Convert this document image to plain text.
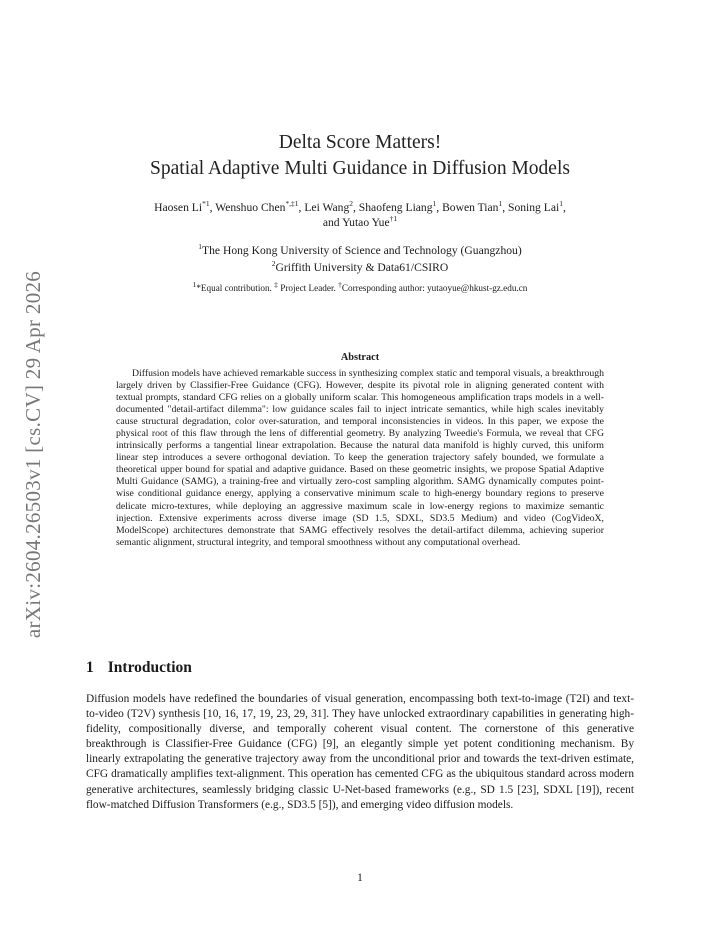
arXiv:2604.26503v1 [cs.CV] 29 Apr 2026
Delta Score Matters!
Spatial Adaptive Multi Guidance in Diffusion Models
Haosen Li$^{*1}$, Wenshuo Chen$^{*,\ddagger 1}$, Lei Wang$^2$, Shaofeng Liang$^1$, Bowen Tian$^1$, Soning Lai$^1$,
and Yutao Yue$^{\dagger 1}$
$^1$The Hong Kong University of Science and Technology (Guangzhou)
$^2$Griffith University & Data61/CSIRO
$^1$*Equal contribution. ‡ Project Leader. †Corresponding author: yutaoyue@hkust-gz.edu.cn
Abstract

Diffusion models have achieved remarkable success in synthesizing complex static and temporal visuals, a breakthrough largely driven by Classifier-Free Guidance (CFG). However, despite its pivotal role in aligning generated content with textual prompts, standard CFG relies on a globally uniform scalar. This homogeneous amplification traps models in a well-documented "detail-artifact dilemma": low guidance scales fail to inject intricate semantics, while high scales inevitably cause structural degradation, color over-saturation, and temporal inconsistencies in videos. In this paper, we expose the physical root of this flaw through the lens of differential geometry. By analyzing Tweedie's Formula, we reveal that CFG intrinsically performs a tangential linear extrapolation. Because the natural data manifold is highly curved, this uniform linear step introduces a severe orthogonal deviation. To keep the generation trajectory safely bounded, we formulate a theoretical upper bound for spatial and adaptive guidance. Based on these geometric insights, we propose Spatial Adaptive Multi Guidance (SAMG), a training-free and virtually zero-cost sampling algorithm. SAMG dynamically computes point-wise conditional guidance energy, applying a conservative minimum scale to high-energy boundary regions to preserve delicate micro-textures, while deploying an aggressive maximum scale in low-energy regions to maximize semantic injection. Extensive experiments across diverse image (SD 1.5, SDXL, SD3.5 Medium) and video (CogVideoX, ModelScope) architectures demonstrate that SAMG effectively resolves the detail-artifact dilemma, achieving superior semantic alignment, structural integrity, and temporal smoothness without any computational overhead.

1 Introduction

Diffusion models have redefined the boundaries of visual generation, encompassing both text-to-image (T2I) and text-to-video (T2V) synthesis [10, 16, 17, 19, 23, 29, 31]. They have unlocked extraordinary capabilities in generating high-fidelity, compositionally diverse, and temporally coherent visual content. The cornerstone of this generative breakthrough is Classifier-Free Guidance (CFG) [9], an elegantly simple yet potent conditioning mechanism. By linearly extrapolating the generative trajectory away from the unconditional prior and towards the text-driven estimate, CFG dramatically amplifies text-alignment. This operation has cemented CFG as the ubiquitous standard across modern generative architectures, seamlessly bridging classic U-Net-based frameworks (e.g., SD 1.5 [23], SDXL [19]), recent flow-matched Diffusion Transformers (e.g., SD3.5 [5]), and emerging video diffusion models.

1
